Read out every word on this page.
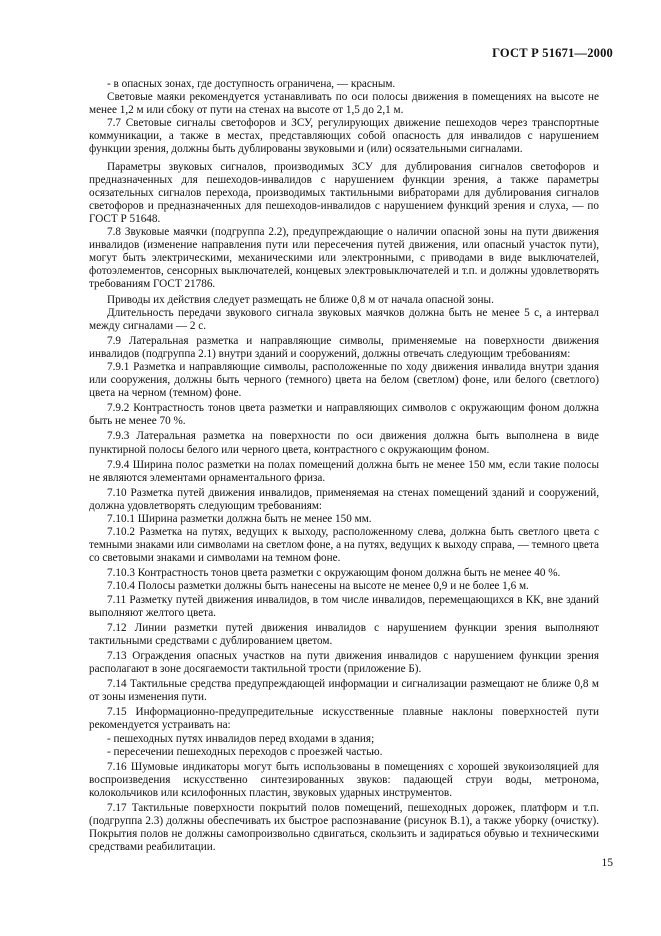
ГОСТ Р 51671—2000

- в опасных зонах, где доступность ограничена, — красным.

Световые маяки рекомендуется устанавливать по оси полосы движения в помещениях на высоте не менее 1,2 м или сбоку от пути на стенах на высоте от 1,5 до 2,1 м.

7.7 Световые сигналы светофоров и ЗСУ, регулирующих движение пешеходов через транспортные коммуникации, а также в местах, представляющих собой опасность для инвалидов с нарушением функции зрения, должны быть дублированы звуковыми и (или) осязательными сигналами.

Параметры звуковых сигналов, производимых ЗСУ для дублирования сигналов светофоров и предназначенных для пешеходов-инвалидов с нарушением функции зрения, а также параметры осязательных сигналов перехода, производимых тактильными вибраторами для дублирования сигналов светофоров и предназначенных для пешеходов-инвалидов с нарушением функций зрения и слуха, — по ГОСТ Р 51648.

7.8 Звуковые маячки (подгруппа 2.2), предупреждающие о наличии опасной зоны на пути движения инвалидов (изменение направления пути или пересечения путей движения, или опасный участок пути), могут быть электрическими, механическими или электронными, с приводами в виде выключателей, фотоэлементов, сенсорных выключателей, концевых электровыключателей и т.п. и должны удовлетворять требованиям ГОСТ 21786.

Приводы их действия следует размещать не ближе 0,8 м от начала опасной зоны.

Длительность передачи звукового сигнала звуковых маячков должна быть не менее 5 с, а интервал между сигналами — 2 с.

7.9 Латеральная разметка и направляющие символы, применяемые на поверхности движения инвалидов (подгруппа 2.1) внутри зданий и сооружений, должны отвечать следующим требованиям:

7.9.1 Разметка и направляющие символы, расположенные по ходу движения инвалида внутри здания или сооружения, должны быть черного (темного) цвета на белом (светлом) фоне, или белого (светлого) цвета на черном (темном) фоне.

7.9.2 Контрастность тонов цвета разметки и направляющих символов с окружающим фоном должна быть не менее 70 %.

7.9.3 Латеральная разметка на поверхности по оси движения должна быть выполнена в виде пунктирной полосы белого или черного цвета, контрастного с окружающим фоном.

7.9.4 Ширина полос разметки на полах помещений должна быть не менее 150 мм, если такие полосы не являются элементами орнаментального фриза.

7.10 Разметка путей движения инвалидов, применяемая на стенах помещений зданий и сооружений, должна удовлетворять следующим требованиям:

7.10.1 Ширина разметки должна быть не менее 150 мм.

7.10.2 Разметка на путях, ведущих к выходу, расположенному слева, должна быть светлого цвета с темными знаками или символами на светлом фоне, а на путях, ведущих к выходу справа, — темного цвета со световыми знаками и символами на темном фоне.

7.10.3 Контрастность тонов цвета разметки с окружающим фоном должна быть не менее 40 %.

7.10.4 Полосы разметки должны быть нанесены на высоте не менее 0,9 и не более 1,6 м.

7.11 Разметку путей движения инвалидов, в том числе инвалидов, перемещающихся в КК, вне зданий выполняют желтого цвета.

7.12 Линии разметки путей движения инвалидов с нарушением функции зрения выполняют тактильными средствами с дублированием цветом.

7.13 Ограждения опасных участков на пути движения инвалидов с нарушением функции зрения располагают в зоне досягаемости тактильной трости (приложение Б).

7.14 Тактильные средства предупреждающей информации и сигнализации размещают не ближе 0,8 м от зоны изменения пути.

7.15 Информационно-предупредительные искусственные плавные наклоны поверхностей пути рекомендуется устраивать на:

- пешеходных путях инвалидов перед входами в здания;

- пересечении пешеходных переходов с проезжей частью.

7.16 Шумовые индикаторы могут быть использованы в помещениях с хорошей звукоизоляцией для воспроизведения искусственно синтезированных звуков: падающей струи воды, метронома, колокольчиков или ксилофонных пластин, звуковых ударных инструментов.

7.17 Тактильные поверхности покрытий полов помещений, пешеходных дорожек, платформ и т.п. (подгруппа 2.3) должны обеспечивать их быстрое распознавание (рисунок В.1), а также уборку (очистку). Покрытия полов не должны самопроизвольно сдвигаться, скользить и задираться обувью и техническими средствами реабилитации.

15
